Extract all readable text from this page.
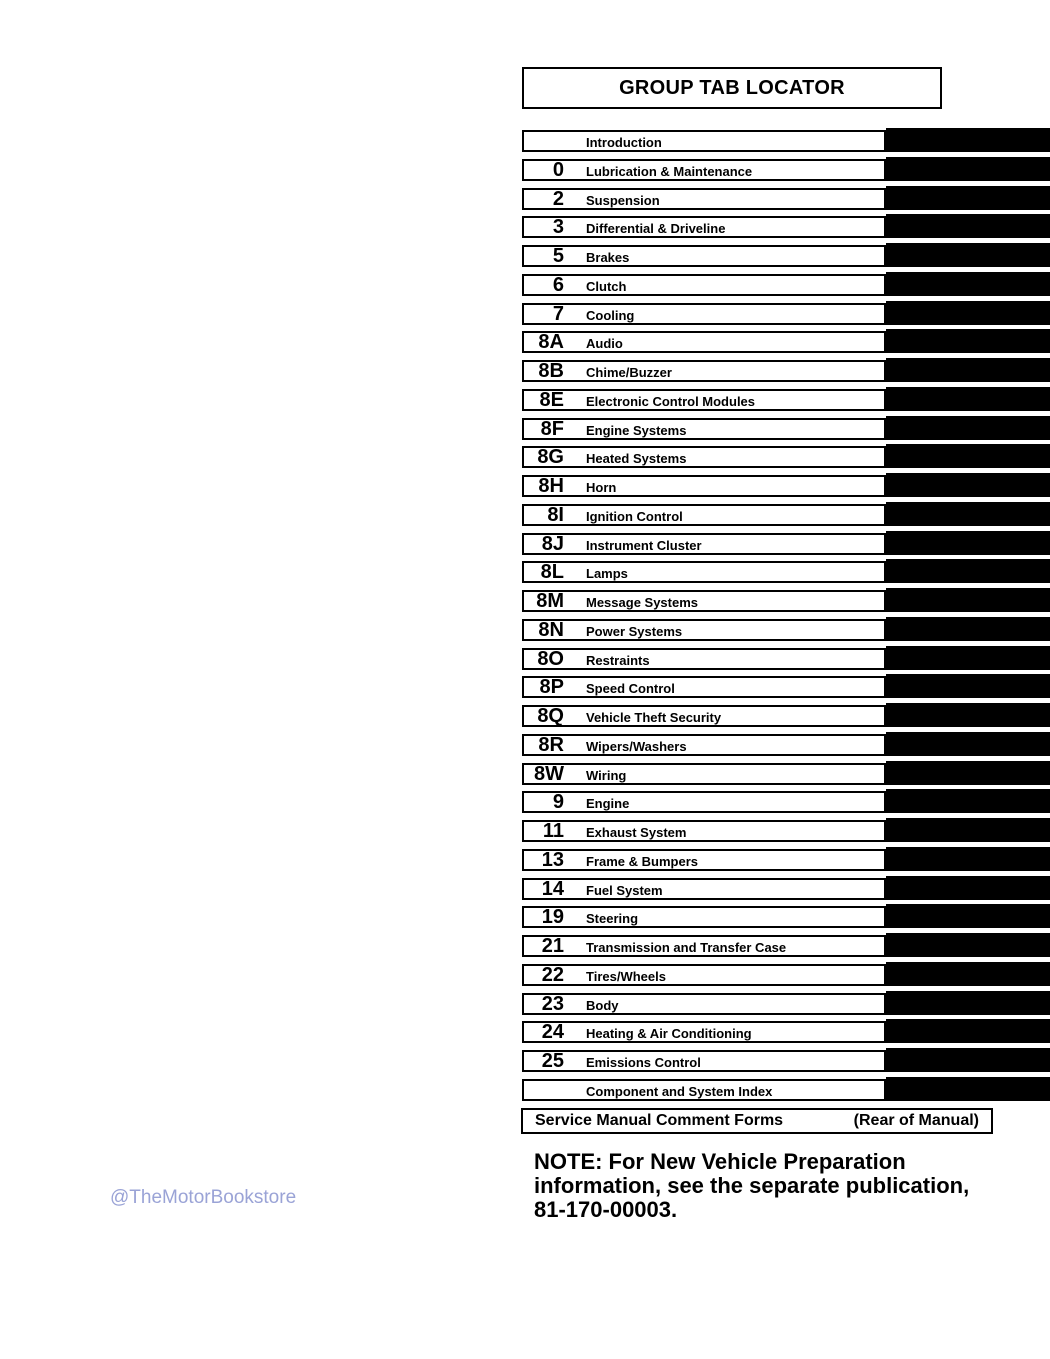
GROUP TAB LOCATOR
Introduction
0 Lubrication & Maintenance
2 Suspension
3 Differential & Driveline
5 Brakes
6 Clutch
7 Cooling
8A Audio
8B Chime/Buzzer
8E Electronic Control Modules
8F Engine Systems
8G Heated Systems
8H Horn
8I Ignition Control
8J Instrument Cluster
8L Lamps
8M Message Systems
8N Power Systems
8O Restraints
8P Speed Control
8Q Vehicle Theft Security
8R Wipers/Washers
8W Wiring
9 Engine
11 Exhaust System
13 Frame & Bumpers
14 Fuel System
19 Steering
21 Transmission and Transfer Case
22 Tires/Wheels
23 Body
24 Heating & Air Conditioning
25 Emissions Control
Component and System Index
Service Manual Comment Forms	(Rear of Manual)
NOTE: For New Vehicle Preparation information, see the separate publication, 81-170-00003.
@TheMotorBookstore
